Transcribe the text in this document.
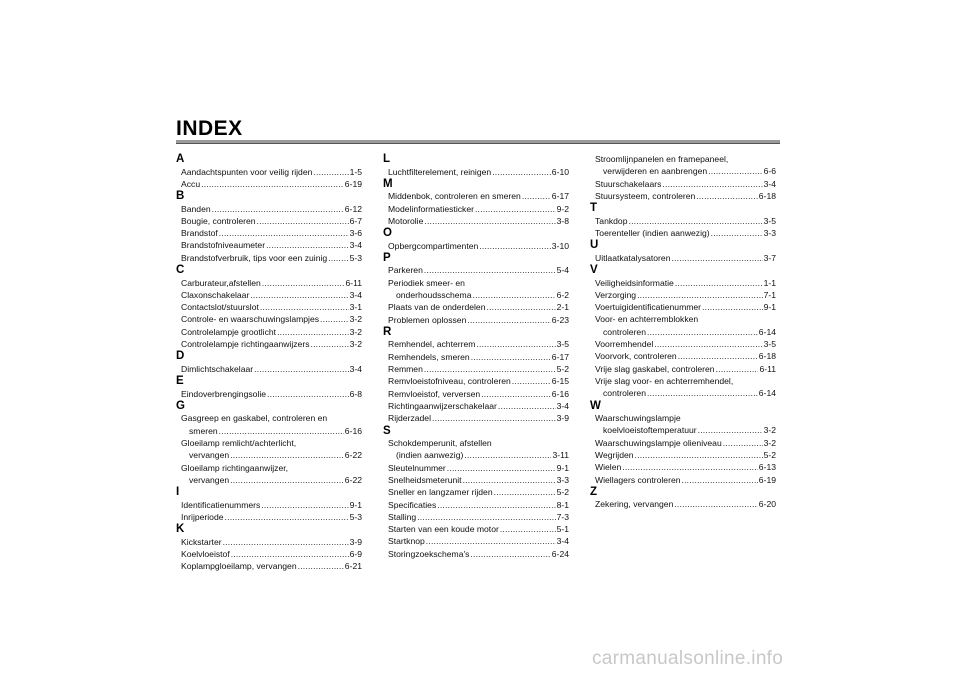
INDEX
A
Aandachtspunten voor veilig rijden .....	1-5
Accu .....	6-19
B
Banden .....	6-12
Bougie, controleren .....	6-7
Brandstof .....	3-6
Brandstofniveaumeter .....	3-4
Brandstofverbruik, tips voor een zuinig .....	5-3
C
Carburateur,afstellen .....	6-11
Claxonschakelaar .....	3-4
Contactslot/stuurslot .....	3-1
Controle- en waarschuwingslampjes .....	3-2
Controlelampje grootlicht .....	3-2
Controlelampje richtingaanwijzers .....	3-2
D
Dimlichtschakelaar .....	3-4
E
Eindoverbrengingsolie .....	6-8
G
Gasgreep en gaskabel, controleren en
smeren .....	6-16
Gloeilamp remlicht/achterlicht,
vervangen .....	6-22
Gloeilamp richtingaanwijzer,
vervangen .....	6-22
I
Identificatienummers .....	9-1
Inrijperiode .....	5-3
K
Kickstarter .....	3-9
Koelvloeistof .....	6-9
Koplampgloeilamp, vervangen .....	6-21
L
Luchtfilterelement, reinigen .....	6-10
M
Middenbok, controleren en smeren .....	6-17
Modelinformatiesticker .....	9-2
Motorolie .....	3-8
O
Opbergcompartimenten .....	3-10
P
Parkeren .....	5-4
Periodiek smeer- en
onderhoudsschema .....	6-2
Plaats van de onderdelen .....	2-1
Problemen oplossen .....	6-23
R
Remhendel, achterrem .....	3-5
Remhendels, smeren .....	6-17
Remmen .....	5-2
Remvloeistofniveau, controleren .....	6-15
Remvloeistof, verversen .....	6-16
Richtingaanwijzerschakelaar .....	3-4
Rijderzadel .....	3-9
S
Schokdemperunit, afstellen
(indien aanwezig) .....	3-11
Sleutelnummer .....	9-1
Snelheidsmeterunit .....	3-3
Sneller en langzamer rijden .....	5-2
Specificaties .....	8-1
Stalling .....	7-3
Starten van een koude motor .....	5-1
Startknop .....	3-4
Storingzoekschema's .....	6-24
Stroomlijnpanelen en framepaneel,
verwijderen en aanbrengen .....	6-6
Stuurschakelaars .....	3-4
Stuursysteem, controleren .....	6-18
T
Tankdop .....	3-5
Toerenteller (indien aanwezig) .....	3-3
U
Uitlaatkatalysatoren .....	3-7
V
Veiligheidsinformatie .....	1-1
Verzorging .....	7-1
Voertuigidentificatienummer .....	9-1
Voor- en achterremblokken
controleren .....	6-14
Voorremhendel .....	3-5
Voorvork, controleren .....	6-18
Vrije slag gaskabel, controleren .....	6-11
Vrije slag voor- en achterremhendel,
controleren .....	6-14
W
Waarschuwingslampje
koelvloeistoftemperatuur .....	3-2
Waarschuwingslampje olieniveau .....	3-2
Wegrijden .....	5-2
Wielen .....	6-13
Wiellagers controleren .....	6-19
Z
Zekering, vervangen .....	6-20
carmanualsonline.info
